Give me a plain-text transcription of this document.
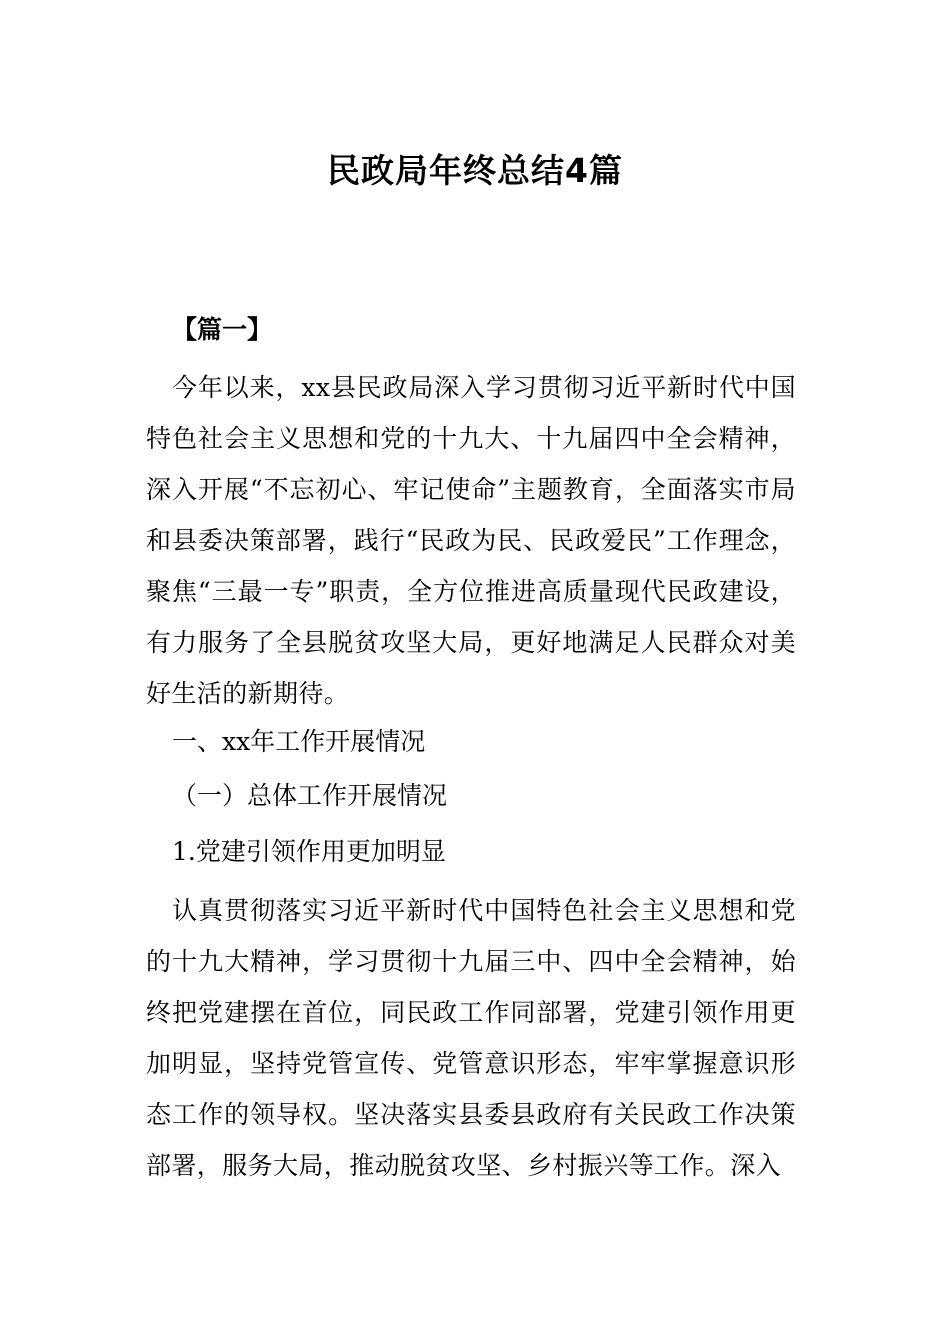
民政局年终总结4篇
【篇一】

今年以来，xx县民政局深入学习贯彻习近平新时代中国特色社会主义思想和党的十九大、十九届四中全会精神，深入开展“不忘初心、牢记使命”主题教育，全面落实市局和县委决策部署，践行“民政为民、民政爱民”工作理念，聚焦“三最一专”职责，全方位推进高质量现代民政建设，有力服务了全县脱贫攻坚大局，更好地满足人民群众对美好生活的新期待。

一、xx年工作开展情况

（一）总体工作开展情况

1.党建引领作用更加明显

认真贯彻落实习近平新时代中国特色社会主义思想和党的十九大精神，学习贯彻十九届三中、四中全会精神，始终把党建摆在首位，同民政工作同部署，党建引领作用更加明显，坚持党管宣传、党管意识形态，牢牢掌握意识形态工作的领导权。坚决落实县委县政府有关民政工作决策部署，服务大局，推动脱贫攻坚、乡村振兴等工作。深入
